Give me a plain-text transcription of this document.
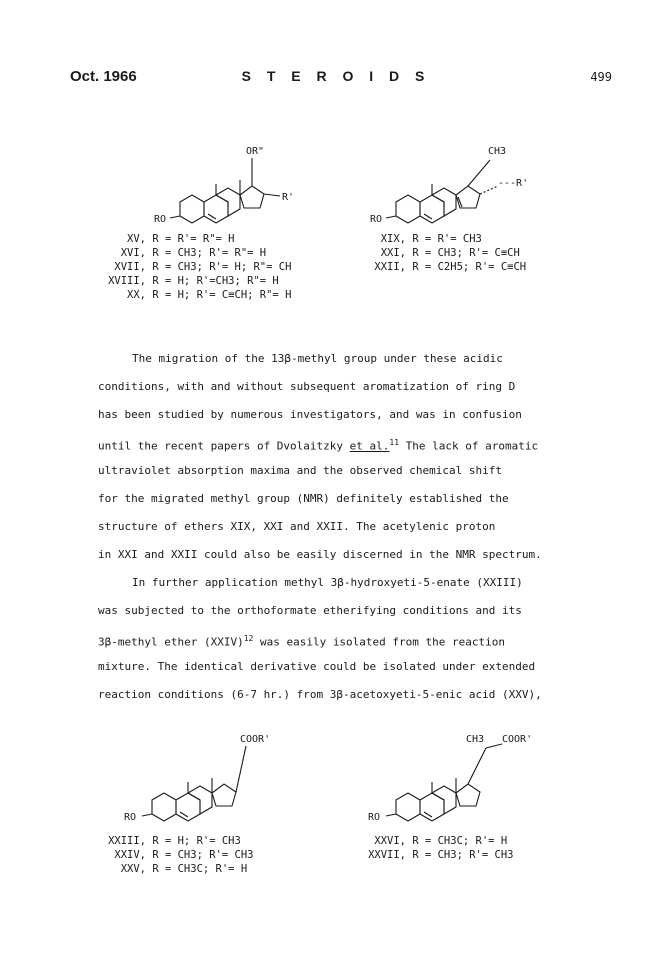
Oct. 1966	S T E R O I D S	499
OR"
R'
RO
CH3
---R'
RO
XV, R = R'= R"= H
XVI, R = CH3; R'= R"= H
XVII, R = CH3; R'= H; R"= CH
XVIII, R = H; R'=CH3; R"= H
XX, R = H; R'= C≡CH; R"= H
XIX, R = R'= CH3
XXI, R = CH3; R'= C≡CH
XXII, R = C2H5; R'= C≡CH

The migration of the 13β-methyl group under these acidic

conditions, with and without subsequent aromatization of ring D

has been studied by numerous investigators, and was in confusion

until the recent papers of Dvolaitzky et al.$^{11}$ The lack of aromatic

ultraviolet absorption maxima and the observed chemical shift

for the migrated methyl group (NMR) definitely established the

structure of ethers XIX, XXI and XXII. The acetylenic proton

in XXI and XXII could also be easily discerned in the NMR spectrum.

In further application methyl 3β-hydroxyeti-5-enate (XXIII)

was subjected to the orthoformate etherifying conditions and its

3β-methyl ether (XXIV)$^{12}$ was easily isolated from the reaction

mixture. The identical derivative could be isolated under extended

reaction conditions (6-7 hr.) from 3β-acetoxyeti-5-enic acid (XXV),

COOR'
RO
CH3 COOR'
RO
XXIII, R = H; R'= CH3
XXIV, R = CH3; R'= CH3
XXV, R = CH3C; R'= H
XXVI, R = CH3C; R'= H
XXVII, R = CH3; R'= CH3
